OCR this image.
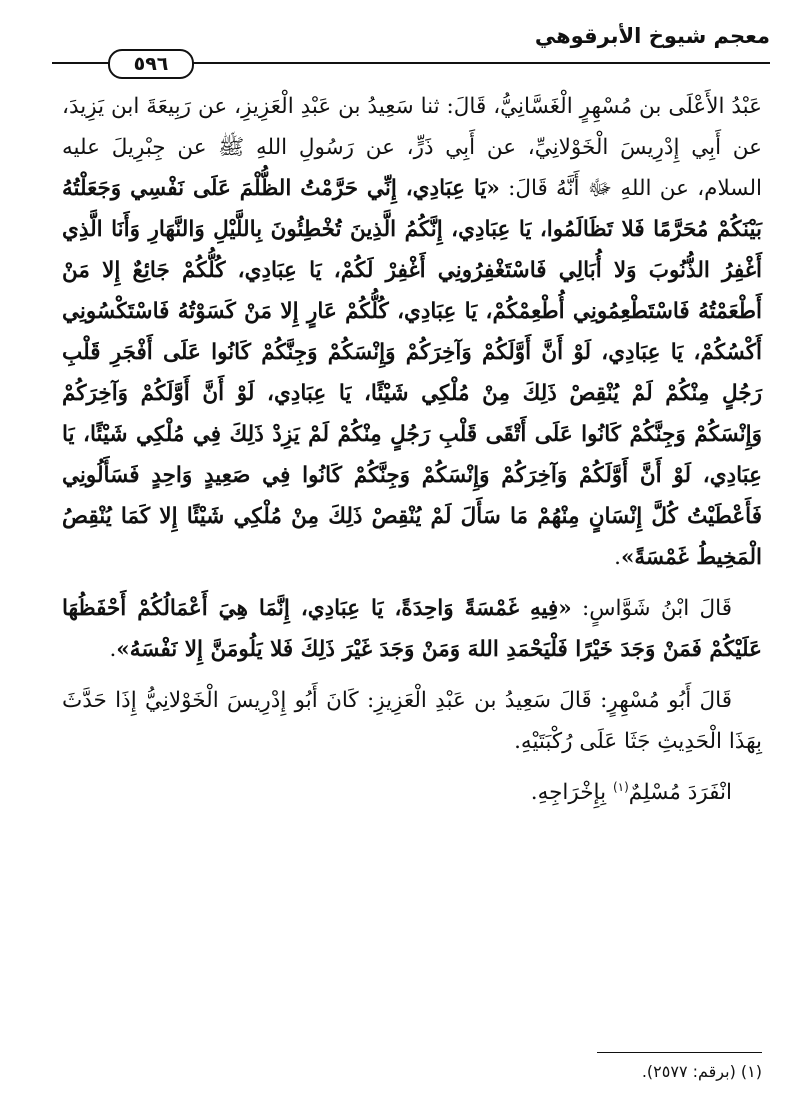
معجم شيوخ الأبرقوهي
٥٩٦

عَبْدُ الأَعْلَى بن مُسْهِرٍ الْغَسَّانِيُّ، قَالَ: ثنا سَعِيدُ بن عَبْدِ الْعَزِيزِ، عن رَبِيعَةَ ابن يَزِيدَ، عن أَبِي إِدْرِيسَ الْخَوْلانِيِّ، عن أَبِي ذَرٍّ، عن رَسُولِ اللهِ ﷺ عن جِبْرِيلَ عليه السلام، عن اللهِ ﷻ أَنَّهُ قَالَ: «يَا عِبَادِي، إِنِّي حَرَّمْتُ الظُّلْمَ عَلَى نَفْسِي وَجَعَلْتُهُ بَيْنَكُمْ مُحَرَّمًا فَلا تَظَالَمُوا، يَا عِبَادِي، إِنَّكُمُ الَّذِينَ تُخْطِئُونَ بِاللَّيْلِ وَالنَّهَارِ وَأَنَا الَّذِي أَغْفِرُ الذُّنُوبَ وَلا أُبَالِي فَاسْتَغْفِرُونِي أَغْفِرْ لَكُمْ، يَا عِبَادِي، كُلُّكُمْ جَائِعٌ إِلا مَنْ أَطْعَمْتُهُ فَاسْتَطْعِمُونِي أُطْعِمْكُمْ، يَا عِبَادِي، كُلُّكُمْ عَارٍ إِلا مَنْ كَسَوْتُهُ فَاسْتَكْسُونِي أَكْسُكُمْ، يَا عِبَادِي، لَوْ أَنَّ أَوَّلَكُمْ وَآخِرَكُمْ وَإِنْسَكُمْ وَجِنَّكُمْ كَانُوا عَلَى أَفْجَرِ قَلْبِ رَجُلٍ مِنْكُمْ لَمْ يُنْقِصْ ذَلِكَ مِنْ مُلْكِي شَيْئًا، يَا عِبَادِي، لَوْ أَنَّ أَوَّلَكُمْ وَآخِرَكُمْ وَإِنْسَكُمْ وَجِنَّكُمْ كَانُوا عَلَى أَتْقَى قَلْبِ رَجُلٍ مِنْكُمْ لَمْ يَزِدْ ذَلِكَ فِي مُلْكِي شَيْئًا، يَا عِبَادِي، لَوْ أَنَّ أَوَّلَكُمْ وَآخِرَكُمْ وَإِنْسَكُمْ وَجِنَّكُمْ كَانُوا فِي صَعِيدٍ وَاحِدٍ فَسَأَلُونِي فَأَعْطَيْتُ كُلَّ إِنْسَانٍ مِنْهُمْ مَا سَأَلَ لَمْ يُنْقِصْ ذَلِكَ مِنْ مُلْكِي شَيْئًا إِلا كَمَا يُنْقِصُ الْمَخِيطُ غَمْسَةً».

قَالَ ابْنُ شَوَّاسٍ: «فِيهِ غَمْسَةً وَاحِدَةً، يَا عِبَادِي، إِنَّمَا هِيَ أَعْمَالُكُمْ أَحْفَظُهَا عَلَيْكُمْ فَمَنْ وَجَدَ خَيْرًا فَلْيَحْمَدِ اللهَ وَمَنْ وَجَدَ غَيْرَ ذَلِكَ فَلا يَلُومَنَّ إِلا نَفْسَهُ».

قَالَ أَبُو مُسْهِرٍ: قَالَ سَعِيدُ بن عَبْدِ الْعَزِيزِ: كَانَ أَبُو إِدْرِيسَ الْخَوْلانِيُّ إِذَا حَدَّثَ بِهَذَا الْحَدِيثِ جَثَا عَلَى رُكْبَتَيْهِ.

انْفَرَدَ مُسْلِمٌ$^{(١)}$ بِإِخْرَاجِهِ.

(١) (برقم: ٢٥٧٧).
